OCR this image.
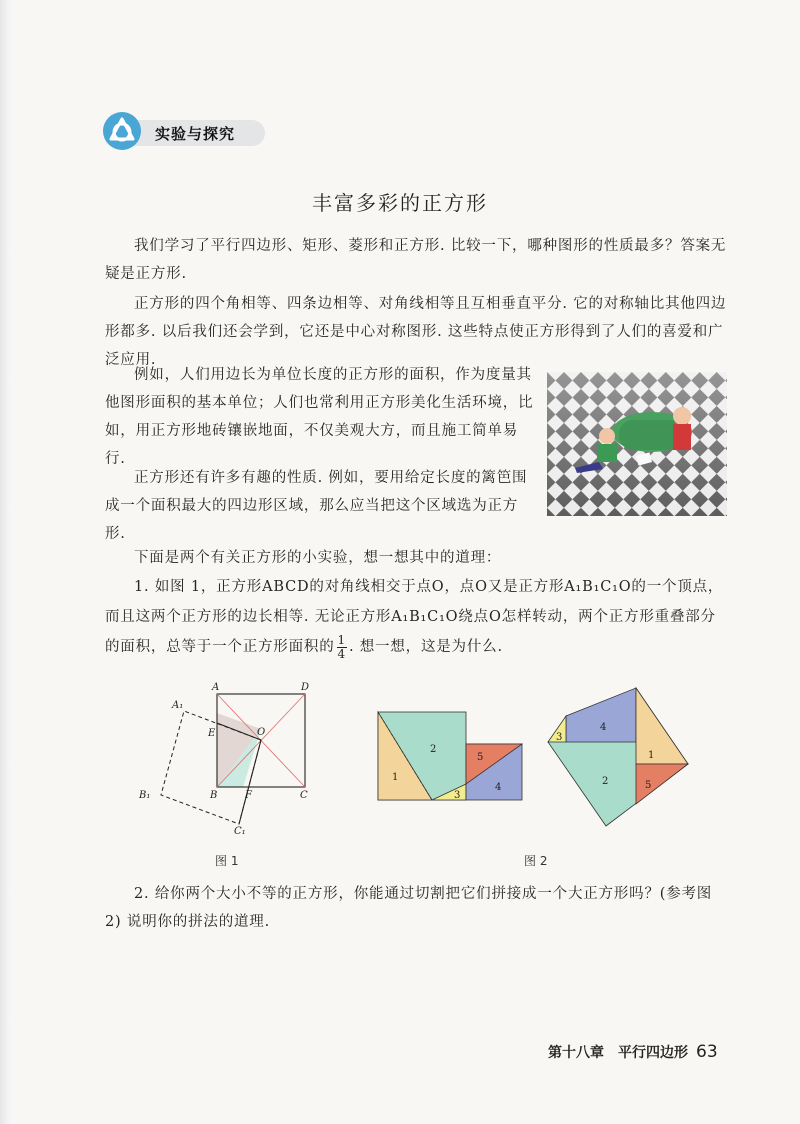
实验与探究
丰富多彩的正方形
我们学习了平行四边形、矩形、菱形和正方形. 比较一下，哪种图形的性质最多？答案无疑是正方形.
正方形的四个角相等、四条边相等、对角线相等且互相垂直平分. 它的对称轴比其他四边形都多. 以后我们还会学到，它还是中心对称图形. 这些特点使正方形得到了人们的喜爱和广泛应用.
例如，人们用边长为单位长度的正方形的面积，作为度量其他图形面积的基本单位；人们也常利用正方形美化生活环境，比如，用正方形地砖镶嵌地面，不仅美观大方，而且施工简单易行.
正方形还有许多有趣的性质. 例如，要用给定长度的篱笆围成一个面积最大的四边形区域，那么应当把这个区域选为正方形.
下面是两个有关正方形的小实验，想一想其中的道理：
1. 如图 1，正方形ABCD的对角线相交于点O，点O又是正方形A₁B₁C₁O的一个顶点，而且这两个正方形的边长相等. 无论正方形A₁B₁C₁O绕点O怎样转动，两个正方形重叠部分的面积，总等于一个正方形面积的 $\frac{1}{4}$ . 想一想，这是为什么.
A	D
B	C
O
E
F
A₁
B₁
C₁
图 1
1
2
3
4
5
3
4
1
2	5
图 2
2. 给你两个大小不等的正方形，你能通过切割把它们拼接成一个大正方形吗？(参考图 2) 说明你的拼法的道理.
第十八章　平行四边形 63
